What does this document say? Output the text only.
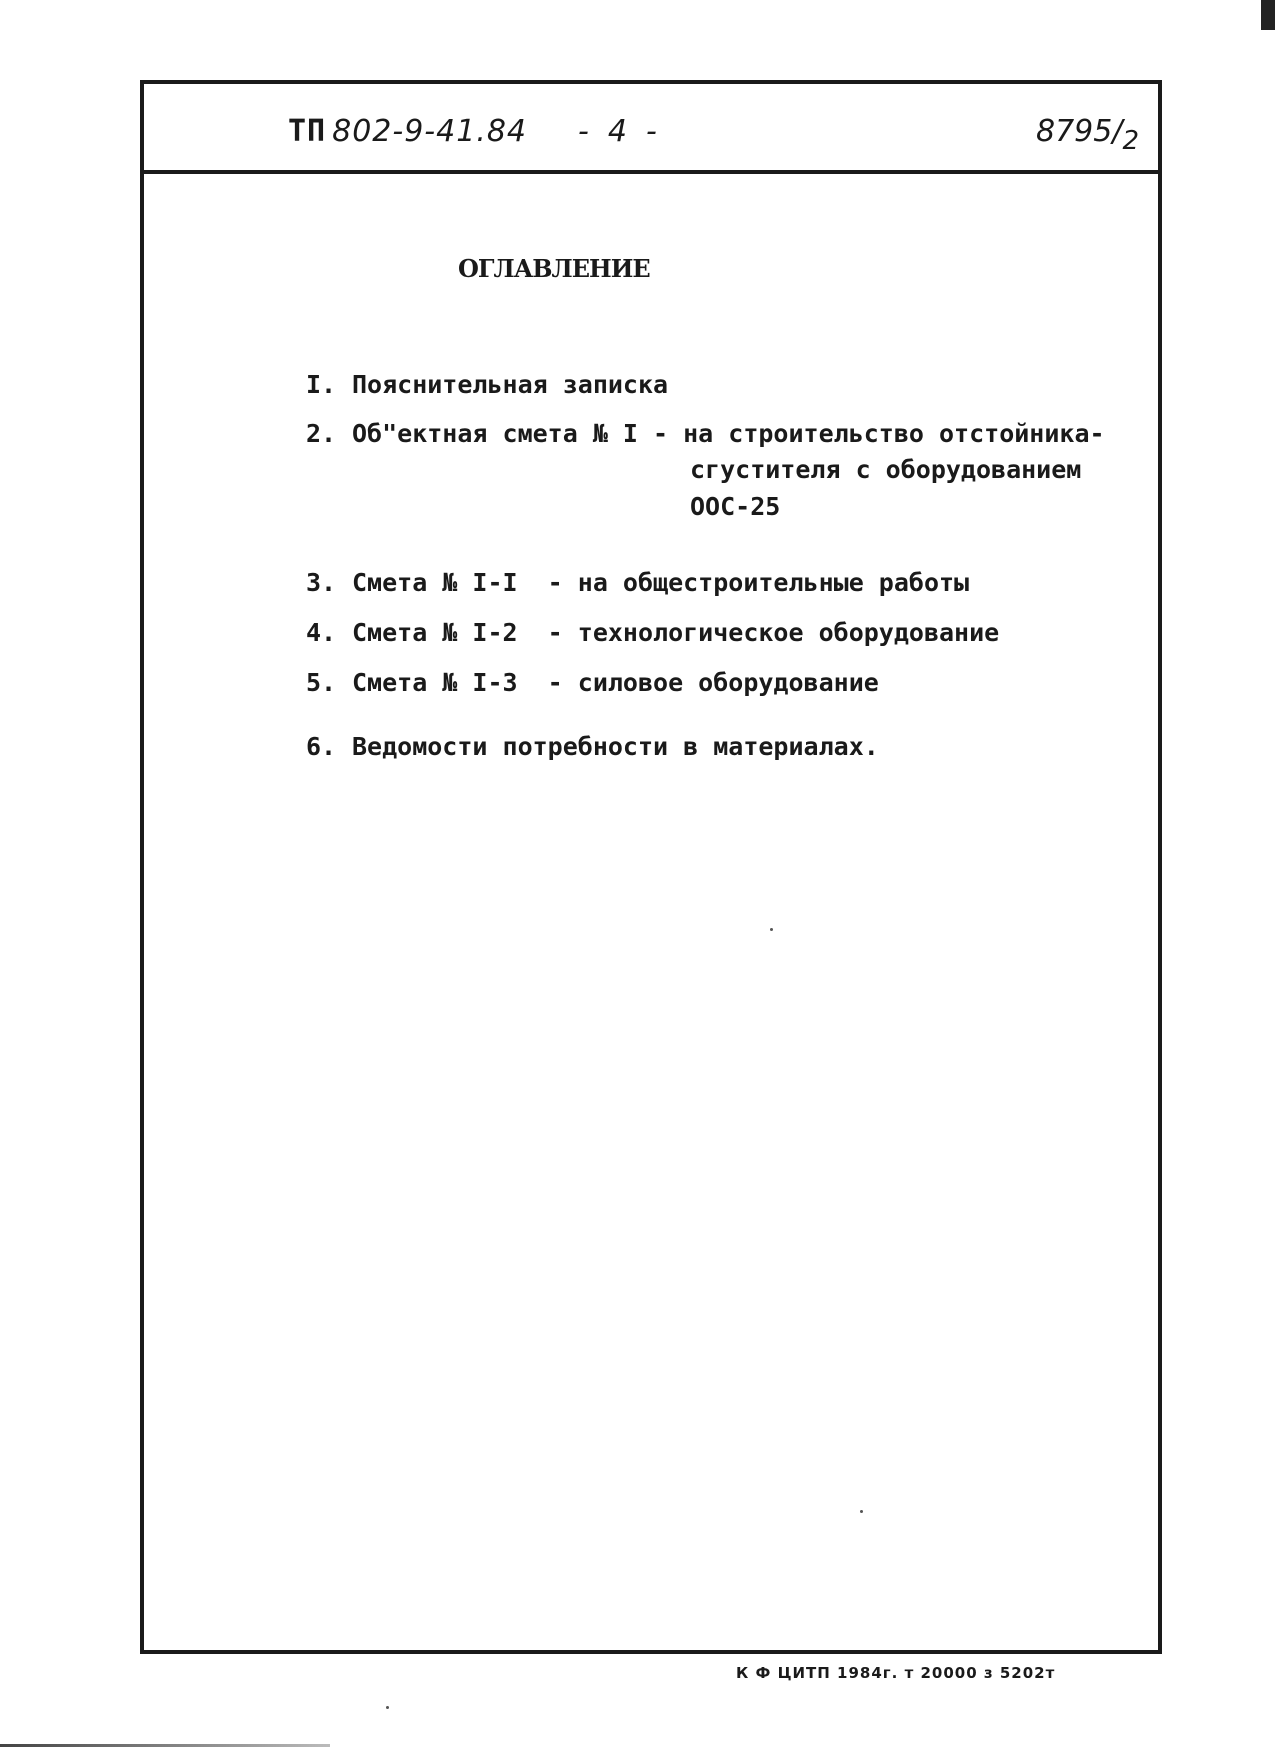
ТП 802-9-41.84 -  4  -	$8795/_2$
ОГЛАВЛЕНИЕ
I. Пояснительная записка
2. Об"ектная смета № I - на строительство отстойника-
сгустителя с оборудованием
ООС-25
3. Смета № I-I  - на общестроительные работы
4. Смета № I-2  - технологическое оборудование
5. Смета № I-3  - силовое оборудование
6. Ведомости потребности в материалах.
К Ф ЦИТП 1984г. т 20000 з 5202т
